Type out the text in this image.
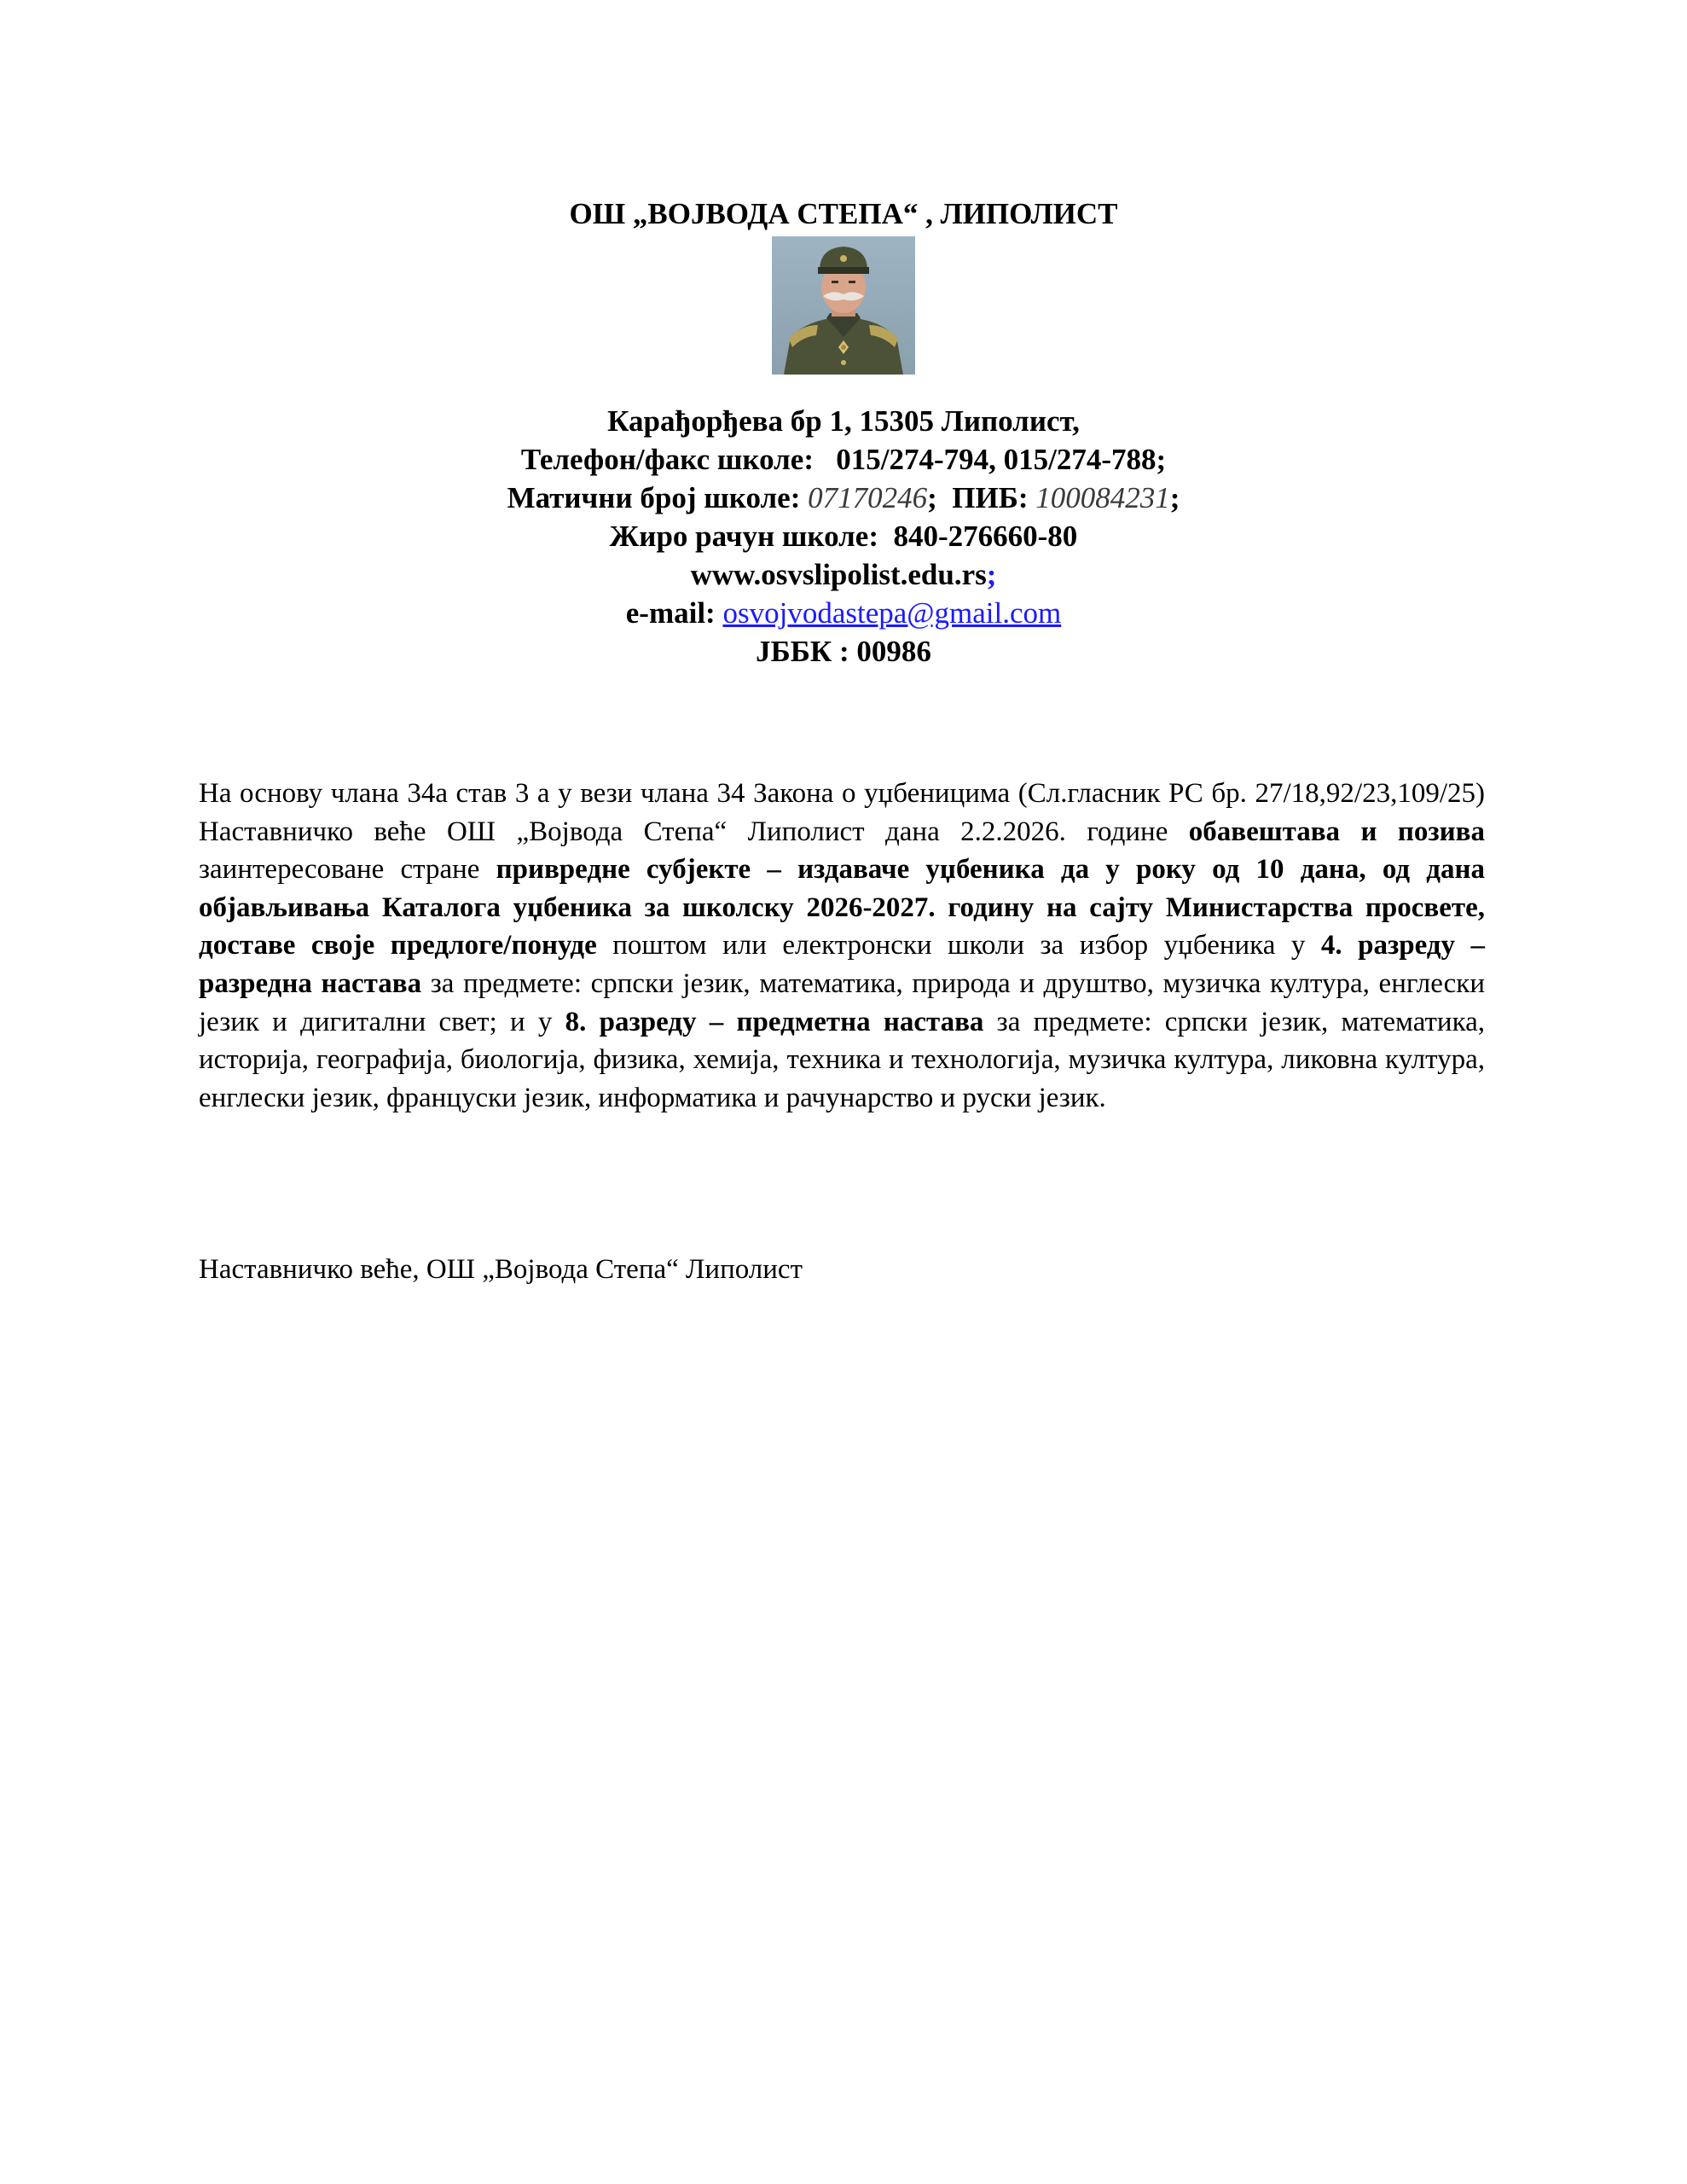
ОШ „ВОЈВОДА СТЕПА“ , ЛИПОЛИСТ
Карађорђева бр 1, 15305 Липолист,
Телефон/факс школе: 015/274-794, 015/274-788;
Матични број школе: 07170246; ПИБ: 100084231;
Жиро рачун школе: 840-276660-80
www.osvslipolist.edu.rs;
e-mail: osvojvodastepa@gmail.com
ЈББК : 00986
На основу члана 34а став 3 а у вези члана 34 Закона о уџбеницима (Сл.гласник РС бр. 27/18,92/23,109/25) Наставничко веће ОШ „Војвода Степа“ Липолист дана 2.2.2026. године обавештава и позива заинтересоване стране привредне субјекте – издаваче уџбеника да у року од 10 дана, од дана објављивања Каталога уџбеника за школску 2026-2027. годину на сајту Министарства просвете, доставе своје предлоге/понуде поштом или електронски школи за избор уџбеника у 4. разреду – разредна настава за предмете: српски језик, математика, природа и друштво, музичка култура, енглески језик и дигитални свет; и у 8. разреду – предметна настава за предмете: српски језик, математика, историја, географија, биологија, физика, хемија, техника и технологија, музичка култура, ликовна култура, енглески језик, француски језик, информатика и рачунарство и руски језик.
Наставничко веће, ОШ „Војвода Степа“ Липолист
